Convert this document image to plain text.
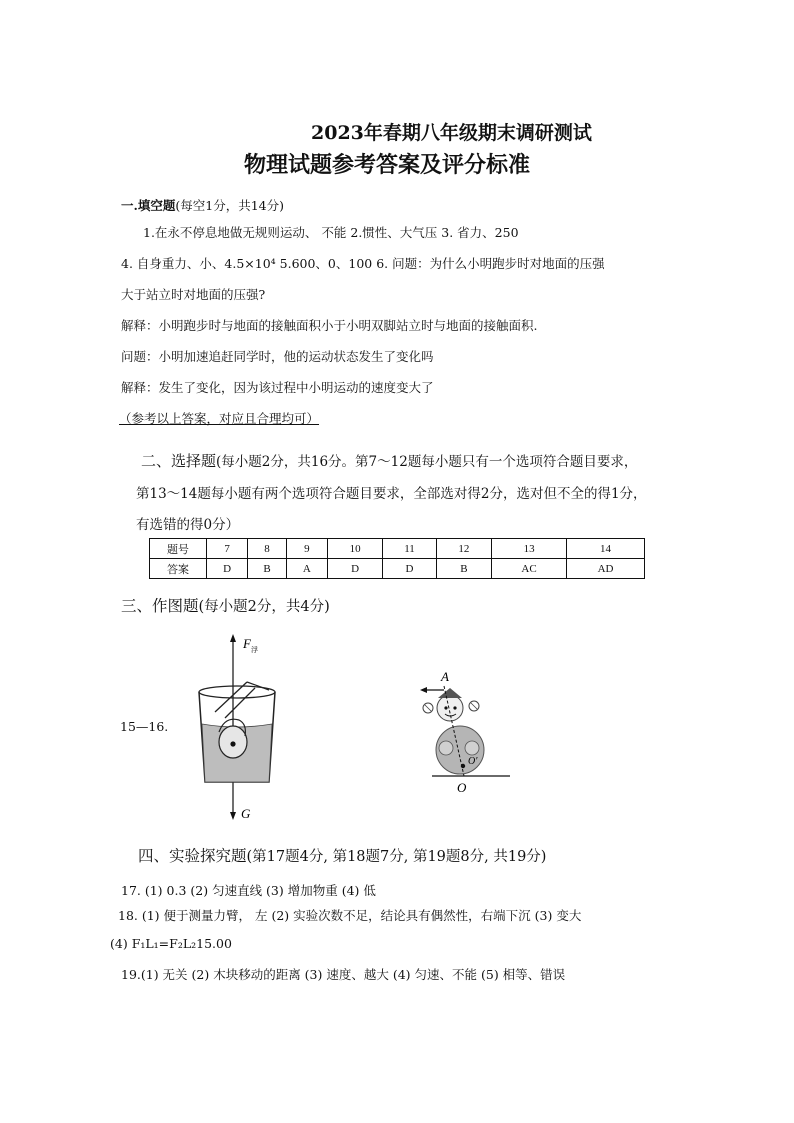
2023年春期八年级期末调研测试
物理试题参考答案及评分标准
一.填空题(每空1分，共14分)
1.在永不停息地做无规则运动、 不能 2.惯性、大气压 3. 省力、250
4. 自身重力、小、4.5×10⁴ 5.600、0、100 6. 问题：为什么小明跑步时对地面的压强
大于站立时对地面的压强?
解释：小明跑步时与地面的接触面积小于小明双脚站立时与地面的接触面积.
问题：小明加速追赶同学时，他的运动状态发生了变化吗
解释：发生了变化，因为该过程中小明运动的速度变大了
（参考以上答案，对应且合理均可）
二、选择题(每小题2分，共16分。第7～12题每小题只有一个选项符合题目要求，
第13～14题每小题有两个选项符合题目要求，全部选对得2分，选对但不全的得1分，
有选错的得0分）
题号	7	8	9	10	11	12	13	14
答案	D	B	A	D	D	B	AC	AD
三、作图题(每小题2分，共4分)
15—16.
F 浮
G
A
O
O′
四、实验探究题(第17题4分, 第18题7分, 第19题8分, 共19分)
17. (1) 0.3 (2) 匀速直线 (3) 增加物重 (4) 低
18. (1) 便于测量力臂， 左 (2) 实验次数不足，结论具有偶然性，右端下沉 (3) 变大
(4) F₁L₁=F₂L₂15.00
19.(1) 无关 (2) 木块移动的距离 (3) 速度、越大 (4) 匀速、不能 (5) 相等、错误
